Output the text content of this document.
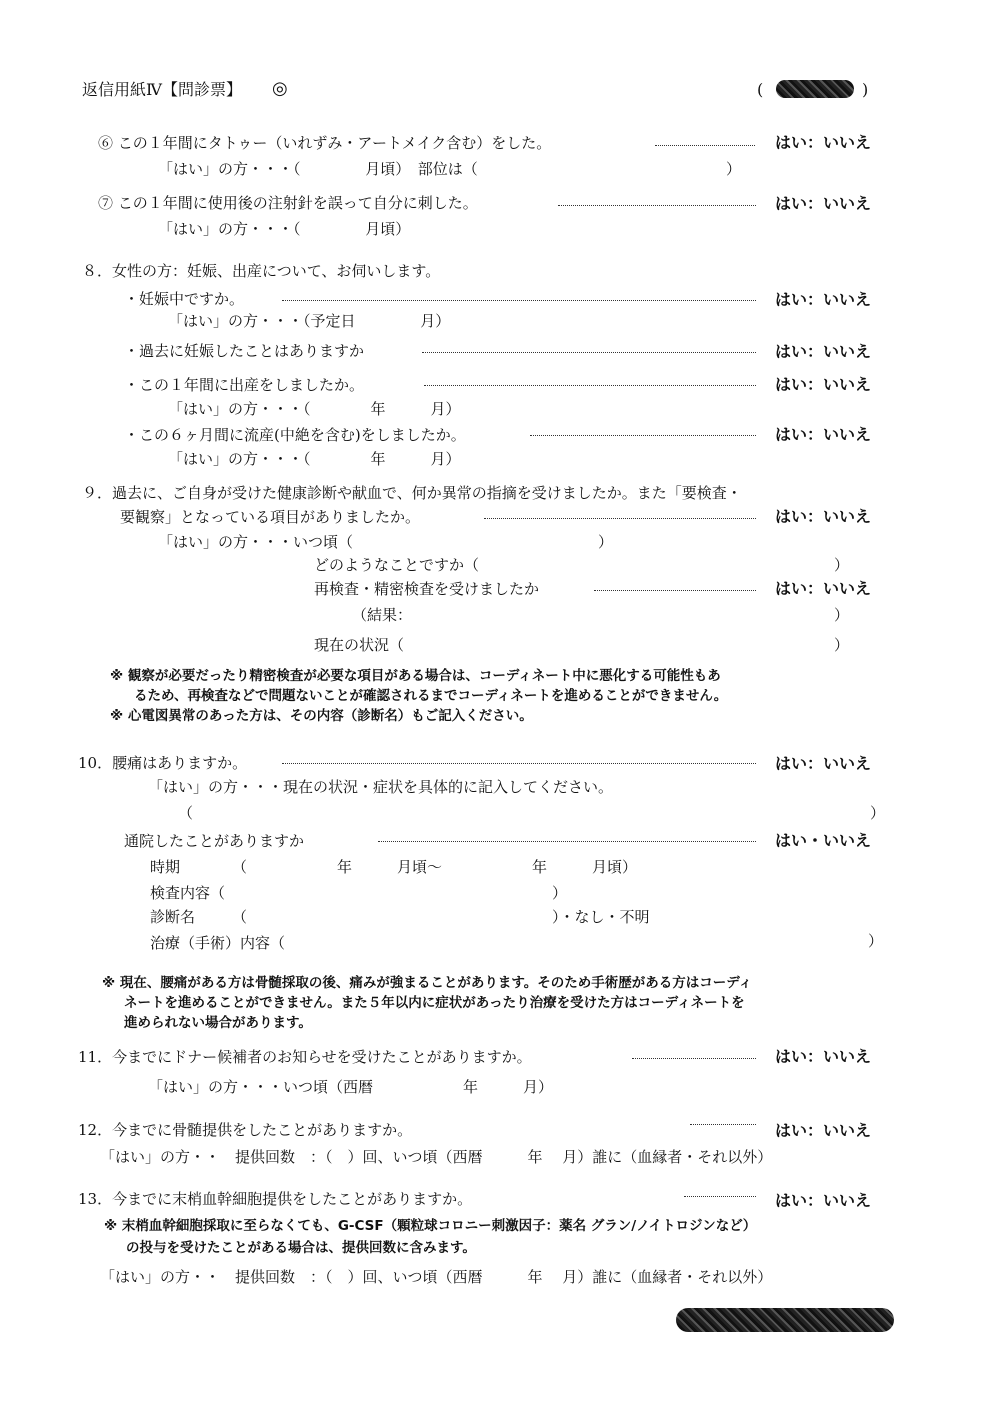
返信用紙Ⅳ【問診票】 ◎	(	)
⑥ この１年間にタトゥー（いれずみ・アートメイク含む）をした。	はい：いいえ
「はい」の方・・・（　　　　 月頃）　部位は（	）
⑦ この１年間に使用後の注射針を誤って自分に刺した。	はい：いいえ
「はい」の方・・・（　　　　 月頃）
８．女性の方：妊娠、出産について、お伺いします。
・妊娠中ですか。	はい：いいえ
「はい」の方・・・（予定日　　　　 月）
・過去に妊娠したことはありますか	はい：いいえ
・この１年間に出産をしましたか。	はい：いいえ
「はい」の方・・・（　　　　年　　　月）
・この６ヶ月間に流産(中絶を含む)をしましたか。	はい：いいえ
「はい」の方・・・（　　　　年　　　月）
９．過去に、ご自身が受けた健康診断や献血で、何か異常の指摘を受けましたか。また「要検査・
要観察」となっている項目がありましたか。	はい：いいえ
「はい」の方・・・いつ頃（	）
どのようなことですか（	）
再検査・精密検査を受けましたか	はい：いいえ
（結果：	）
現在の状況（	）
※ 観察が必要だったり精密検査が必要な項目がある場合は、コーディネート中に悪化する可能性もあ
るため、再検査などで問題ないことが確認されるまでコーディネートを進めることができません。
※ 心電図異常のあった方は、その内容（診断名）もご記入ください。
10．腰痛はありますか。	はい：いいえ
「はい」の方・・・現在の状況・症状を具体的に記入してください。
（	）
通院したことがありますか	はい・いいえ
時期	（　　　　　　年　　　月頃～　　　　　　年　　　月頃）
検査内容（	）
診断名 （	）・なし・不明
治療（手術）内容（	）
※ 現在、腰痛がある方は骨髄採取の後、痛みが強まることがあります。そのため手術歴がある方はコーディ
ネートを進めることができません。また５年以内に症状があったり治療を受けた方はコーディネートを
進められない場合があります。
11．今までにドナー候補者のお知らせを受けたことがありますか。	はい：いいえ
「はい」の方・・・いつ頃（西暦　　　　　　年　　　月）
12．今までに骨髄提供をしたことがありますか。	はい：いいえ
「はい」の方・・　提供回数　：（　）回、いつ頃（西暦　　　年　 月）誰に（血縁者・それ以外）
13．今までに末梢血幹細胞提供をしたことがありますか。	はい：いいえ
※ 末梢血幹細胞採取に至らなくても、G-CSF（顆粒球コロニー刺激因子：薬名 グラン/ノイトロジンなど）
の投与を受けたことがある場合は、提供回数に含みます。
「はい」の方・・　提供回数　：（　）回、いつ頃（西暦　　　年　 月）誰に（血縁者・それ以外）
